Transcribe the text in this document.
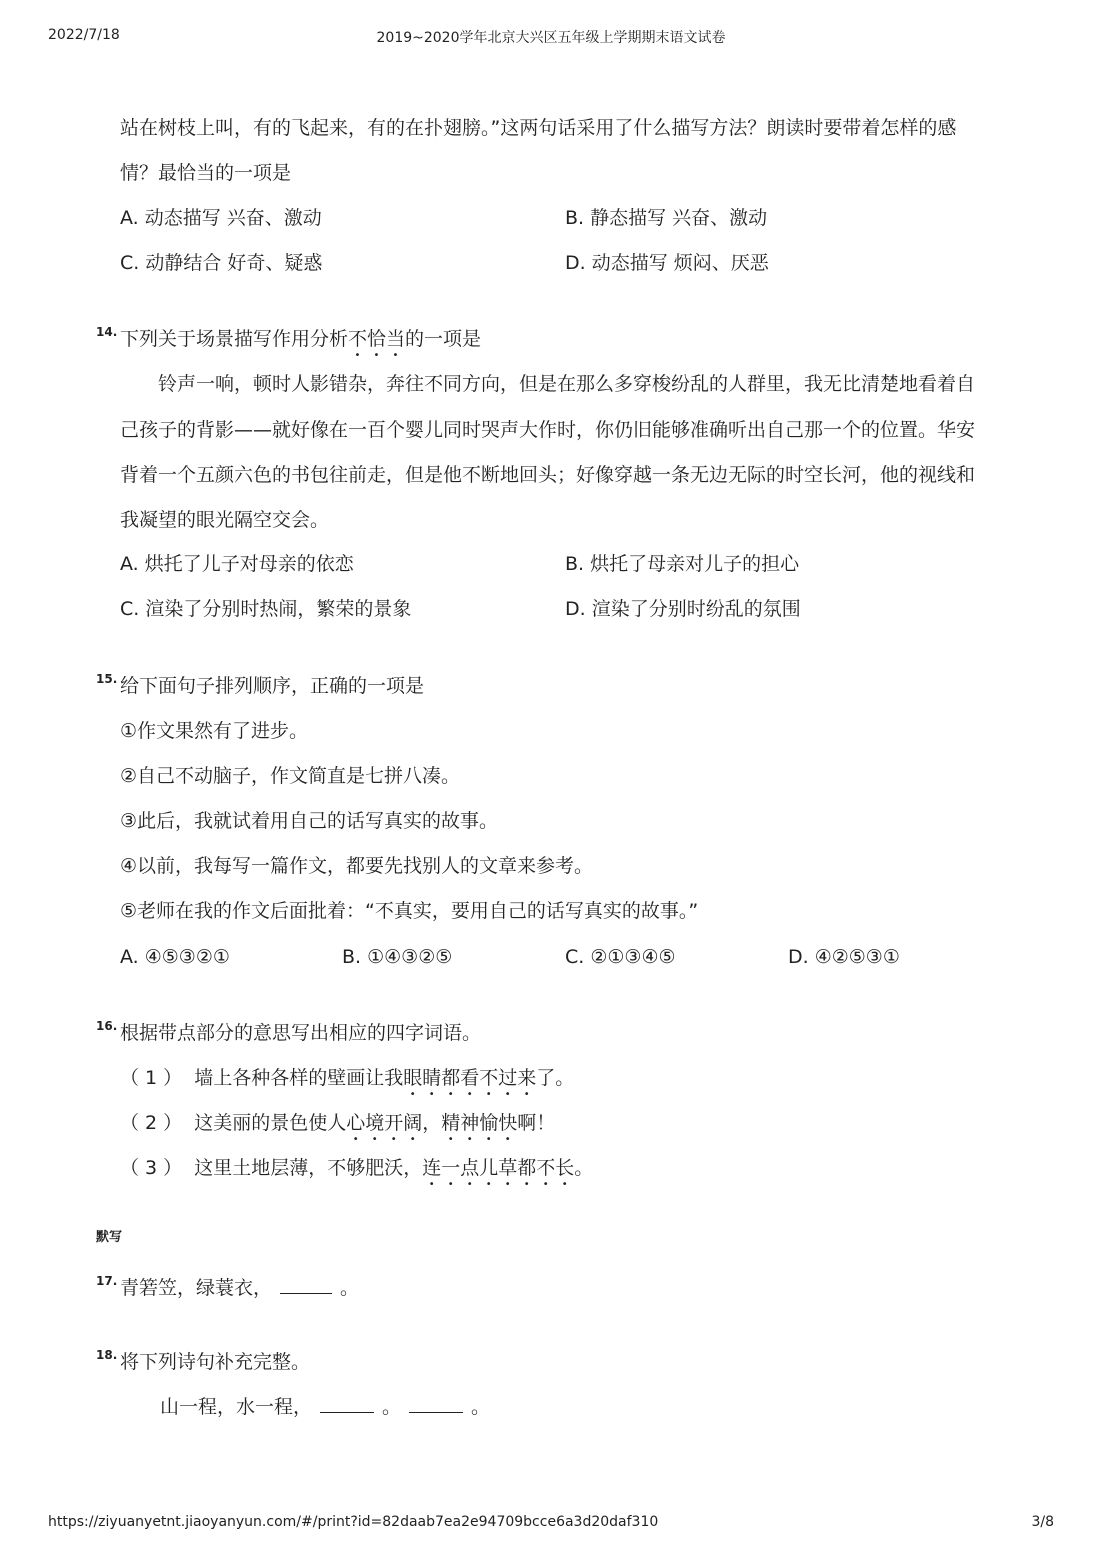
2022/7/18	2019~2020学年北京大兴区五年级上学期期末语文试卷
站在树枝上叫，有的飞起来，有的在扑翅膀。”这两句话采用了什么描写方法？朗读时要带着怎样的感
情？最恰当的一项是
A. 动态描写 兴奋、激动	B. 静态描写 兴奋、激动
C. 动静结合 好奇、疑惑	D. 动态描写 烦闷、厌恶
14. 下列关于场景描写作用分析不恰当的一项是
铃声一响，顿时人影错杂，奔往不同方向，但是在那么多穿梭纷乱的人群里，我无比清楚地看着自
己孩子的背影——就好像在一百个婴儿同时哭声大作时，你仍旧能够准确听出自己那一个的位置。华安
背着一个五颜六色的书包往前走，但是他不断地回头；好像穿越一条无边无际的时空长河，他的视线和
我凝望的眼光隔空交会。
A. 烘托了儿子对母亲的依恋	B. 烘托了母亲对儿子的担心
C. 渲染了分别时热闹，繁荣的景象	D. 渲染了分别时纷乱的氛围
15. 给下面句子排列顺序，正确的一项是
①作文果然有了进步。
②自己不动脑子，作文简直是七拼八凑。
③此后，我就试着用自己的话写真实的故事。
④以前，我每写一篇作文，都要先找别人的文章来参考。
⑤老师在我的作文后面批着：“不真实，要用自己的话写真实的故事。”
A. ④⑤③②①	B. ①④③②⑤	C. ②①③④⑤	D. ④②⑤③①
16. 根据带点部分的意思写出相应的四字词语。
（ 1 ） 墙上各种各样的壁画让我眼睛都看不过来了。
（ 2 ） 这美丽的景色使人心境开阔，精神愉快啊！
（ 3 ） 这里土地层薄，不够肥沃，连一点儿草都不长。
默写
17. 青箬笠，绿蓑衣，	。
18. 将下列诗句补充完整。
山一程，水一程，	。	。
https://ziyuanyetnt.jiaoyanyun.com/#/print?id=82daab7ea2e94709bcce6a3d20daf310	3/8
